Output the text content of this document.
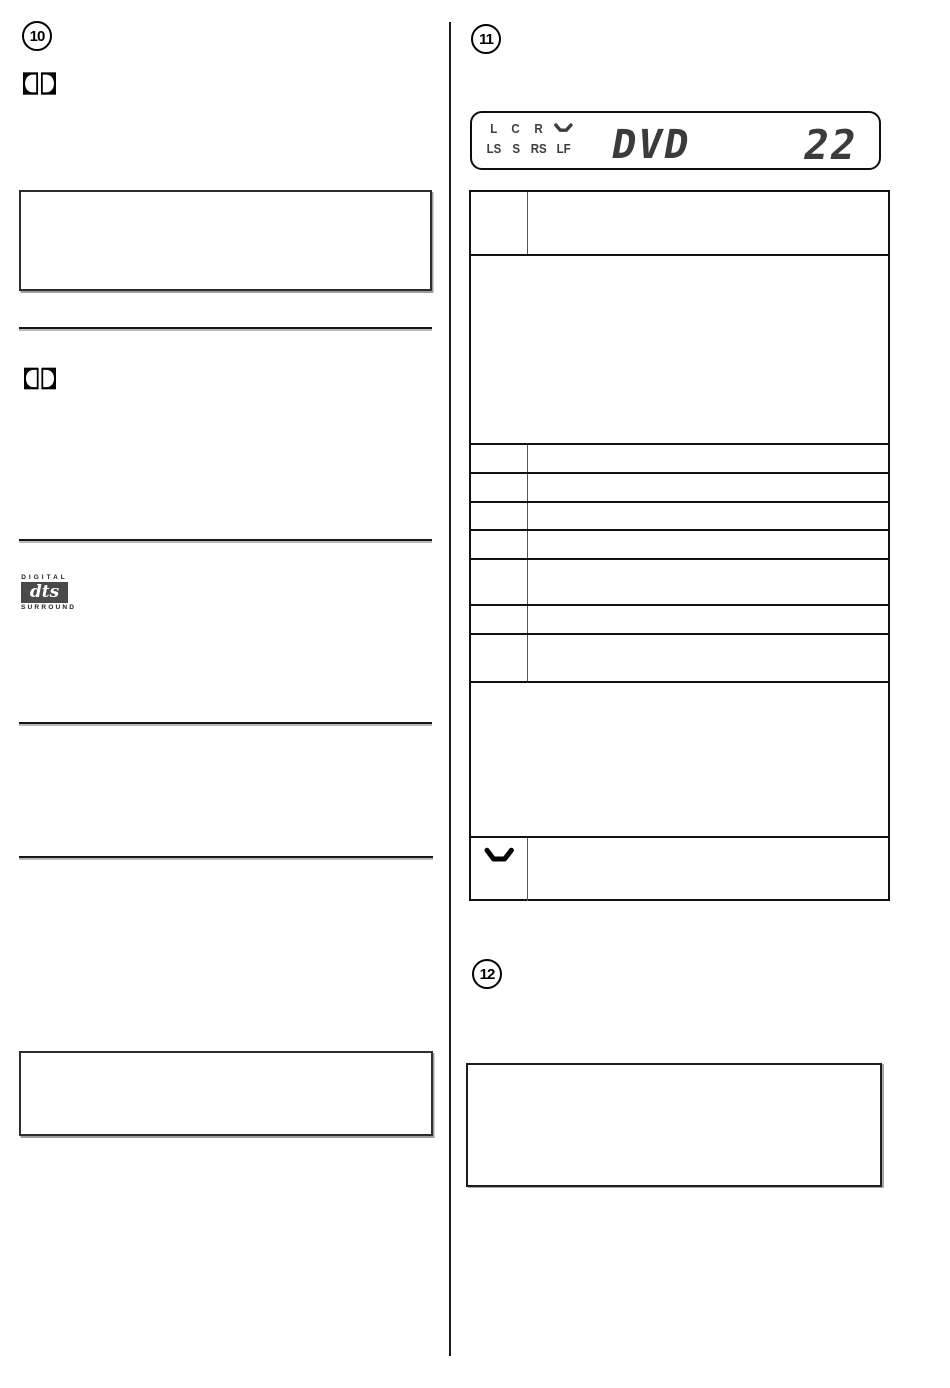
10
DIGITAL
dts
SURROUND
11
L C R
LS S RS LF DVD	22
12
